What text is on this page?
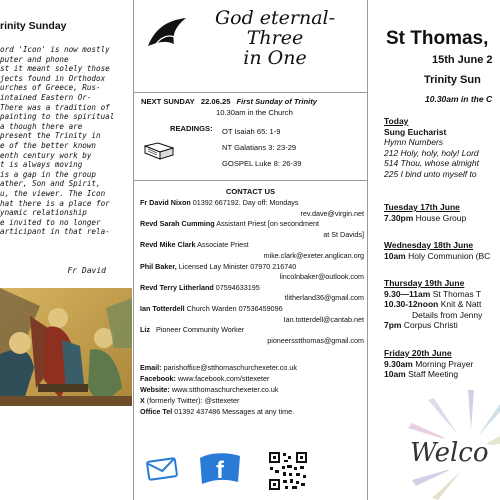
rinity Sunday
ord 'Icon' is now mostly
puter and phone
st it meant solely those
jects found in Orthodox
urches of Greece, Rus-
intained Eastern Or-
There was a tradition of
painting to the spiritual
a though there are
present the Trinity in
e of the better known
enth century work by
t is always moving
is a gap in the group
ather, Son and Spirit,
u, the viewer. The Icon
hat there is a place for
ynamic relationship
e invited to no longer
articipant in that rela-
Fr David
God eternal-
Three
in One
NEXT SUNDAY 22.06.25 First Sunday of Trinity
10.30am in the Church
READINGS: OT Isaiah 65: 1-9
NT Galatians 3: 23-29
GOSPEL Luke 8: 26-39
CONTACT US
Fr David Nixon 01392 667192. Day off: Mondays
rev.dave@virgin.net
Revd Sarah Cumming Assistant Priest [on secondment
at St Davids]
Revd Mike Clark Associate Priest
mike.clark@exeter.anglican.org
Phil Baker, Licensed Lay Minister 07970 216740
lincolnbaker@outlook.com
Revd Terry Litherland 07594633195
tlitherland36@gmail.com
Ian Totterdell Church Warden 07536459096
Ian.totterdell@cantab.net
Liz Pioneer Community Worker
pioneersstthomas@gmail.com
Email: parishoffice@stthomaschurchexeter.co.uk
Facebook: www.facebook.com/sttexeter
Website: www.stthomaschurchexeter.co.uk
X (formerly Twitter): @sttexeter
Office Tel 01392 437486 Messages at any time.
f
St Thomas,
15th June 2
Trinity Sun
10.30am in the C
Today
Sung Eucharist
Hymn Numbers
212 Holy, holy, holy! Lord
514 Thou, whose almight
225 I bind unto myself to
Tuesday 17th June
7.30pm House Group
Wednesday 18th June
10am Holy Communion (BC
Thursday 19th June
9.30—11am St Thomas T
10.30-12noon Knit & Natt
Details from Jenny
7pm Corpus Christi
Friday 20th June
9.30am Morning Prayer
10am Staff Meeting
Welco
